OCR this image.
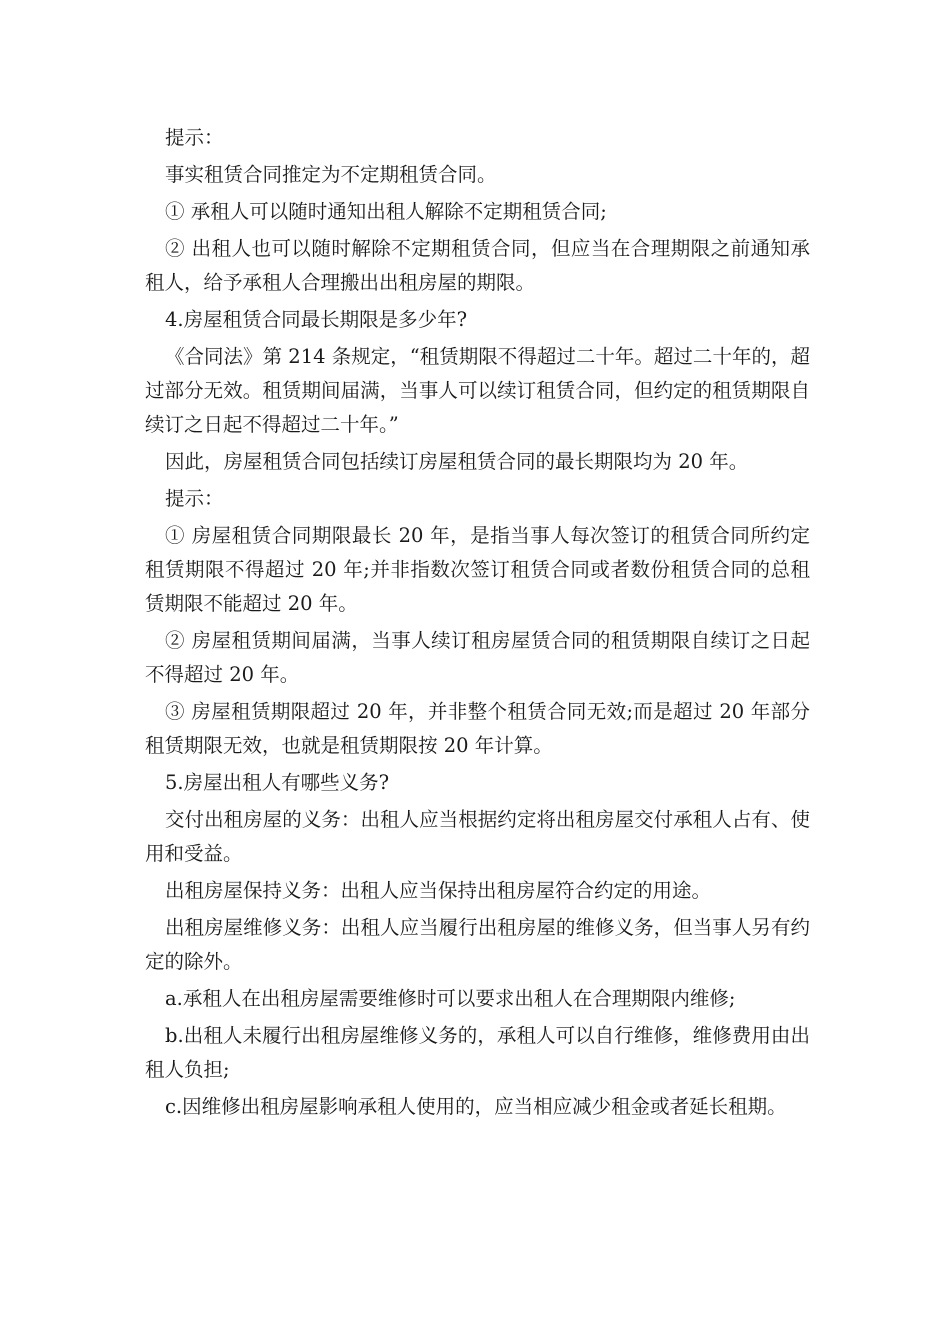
提示：

事实租赁合同推定为不定期租赁合同。

① 承租人可以随时通知出租人解除不定期租赁合同;

② 出租人也可以随时解除不定期租赁合同，但应当在合理期限之前通知承租人，给予承租人合理搬出出租房屋的期限。

4.房屋租赁合同最长期限是多少年?

《合同法》第 214 条规定，“租赁期限不得超过二十年。超过二十年的，超过部分无效。租赁期间届满，当事人可以续订租赁合同，但约定的租赁期限自续订之日起不得超过二十年。”

因此，房屋租赁合同包括续订房屋租赁合同的最长期限均为 20 年。

提示：

① 房屋租赁合同期限最长 20 年，是指当事人每次签订的租赁合同所约定租赁期限不得超过 20 年;并非指数次签订租赁合同或者数份租赁合同的总租赁期限不能超过 20 年。

② 房屋租赁期间届满，当事人续订租房屋赁合同的租赁期限自续订之日起不得超过 20 年。

③ 房屋租赁期限超过 20 年，并非整个租赁合同无效;而是超过 20 年部分租赁期限无效，也就是租赁期限按 20 年计算。

5.房屋出租人有哪些义务?

交付出租房屋的义务：出租人应当根据约定将出租房屋交付承租人占有、使用和受益。

出租房屋保持义务：出租人应当保持出租房屋符合约定的用途。

出租房屋维修义务：出租人应当履行出租房屋的维修义务，但当事人另有约定的除外。

a.承租人在出租房屋需要维修时可以要求出租人在合理期限内维修;

b.出租人未履行出租房屋维修义务的，承租人可以自行维修，维修费用由出租人负担;

c.因维修出租房屋影响承租人使用的，应当相应减少租金或者延长租期。
